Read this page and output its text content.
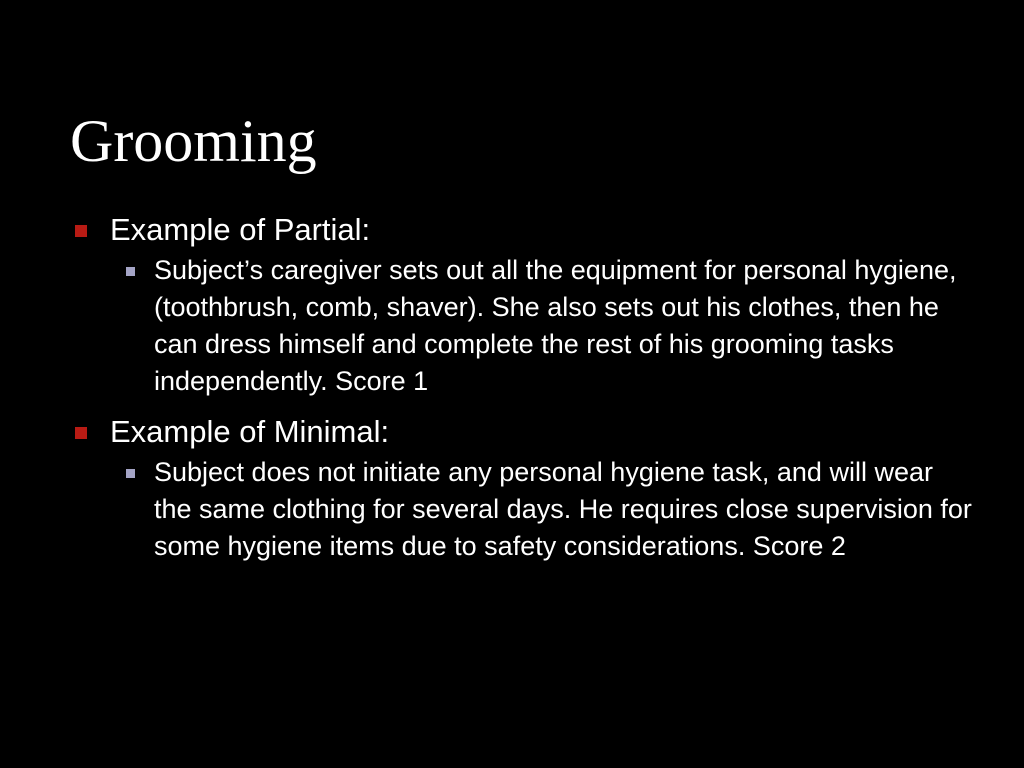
Grooming
Example of Partial:
Subject’s caregiver sets out all the equipment for personal hygiene, (toothbrush, comb, shaver). She also sets out his clothes, then he can dress himself and complete the rest of his grooming tasks independently. Score 1
Example of Minimal:
Subject does not initiate any personal hygiene task, and will wear the same clothing for several days. He requires close supervision for some hygiene items due to safety considerations. Score 2
